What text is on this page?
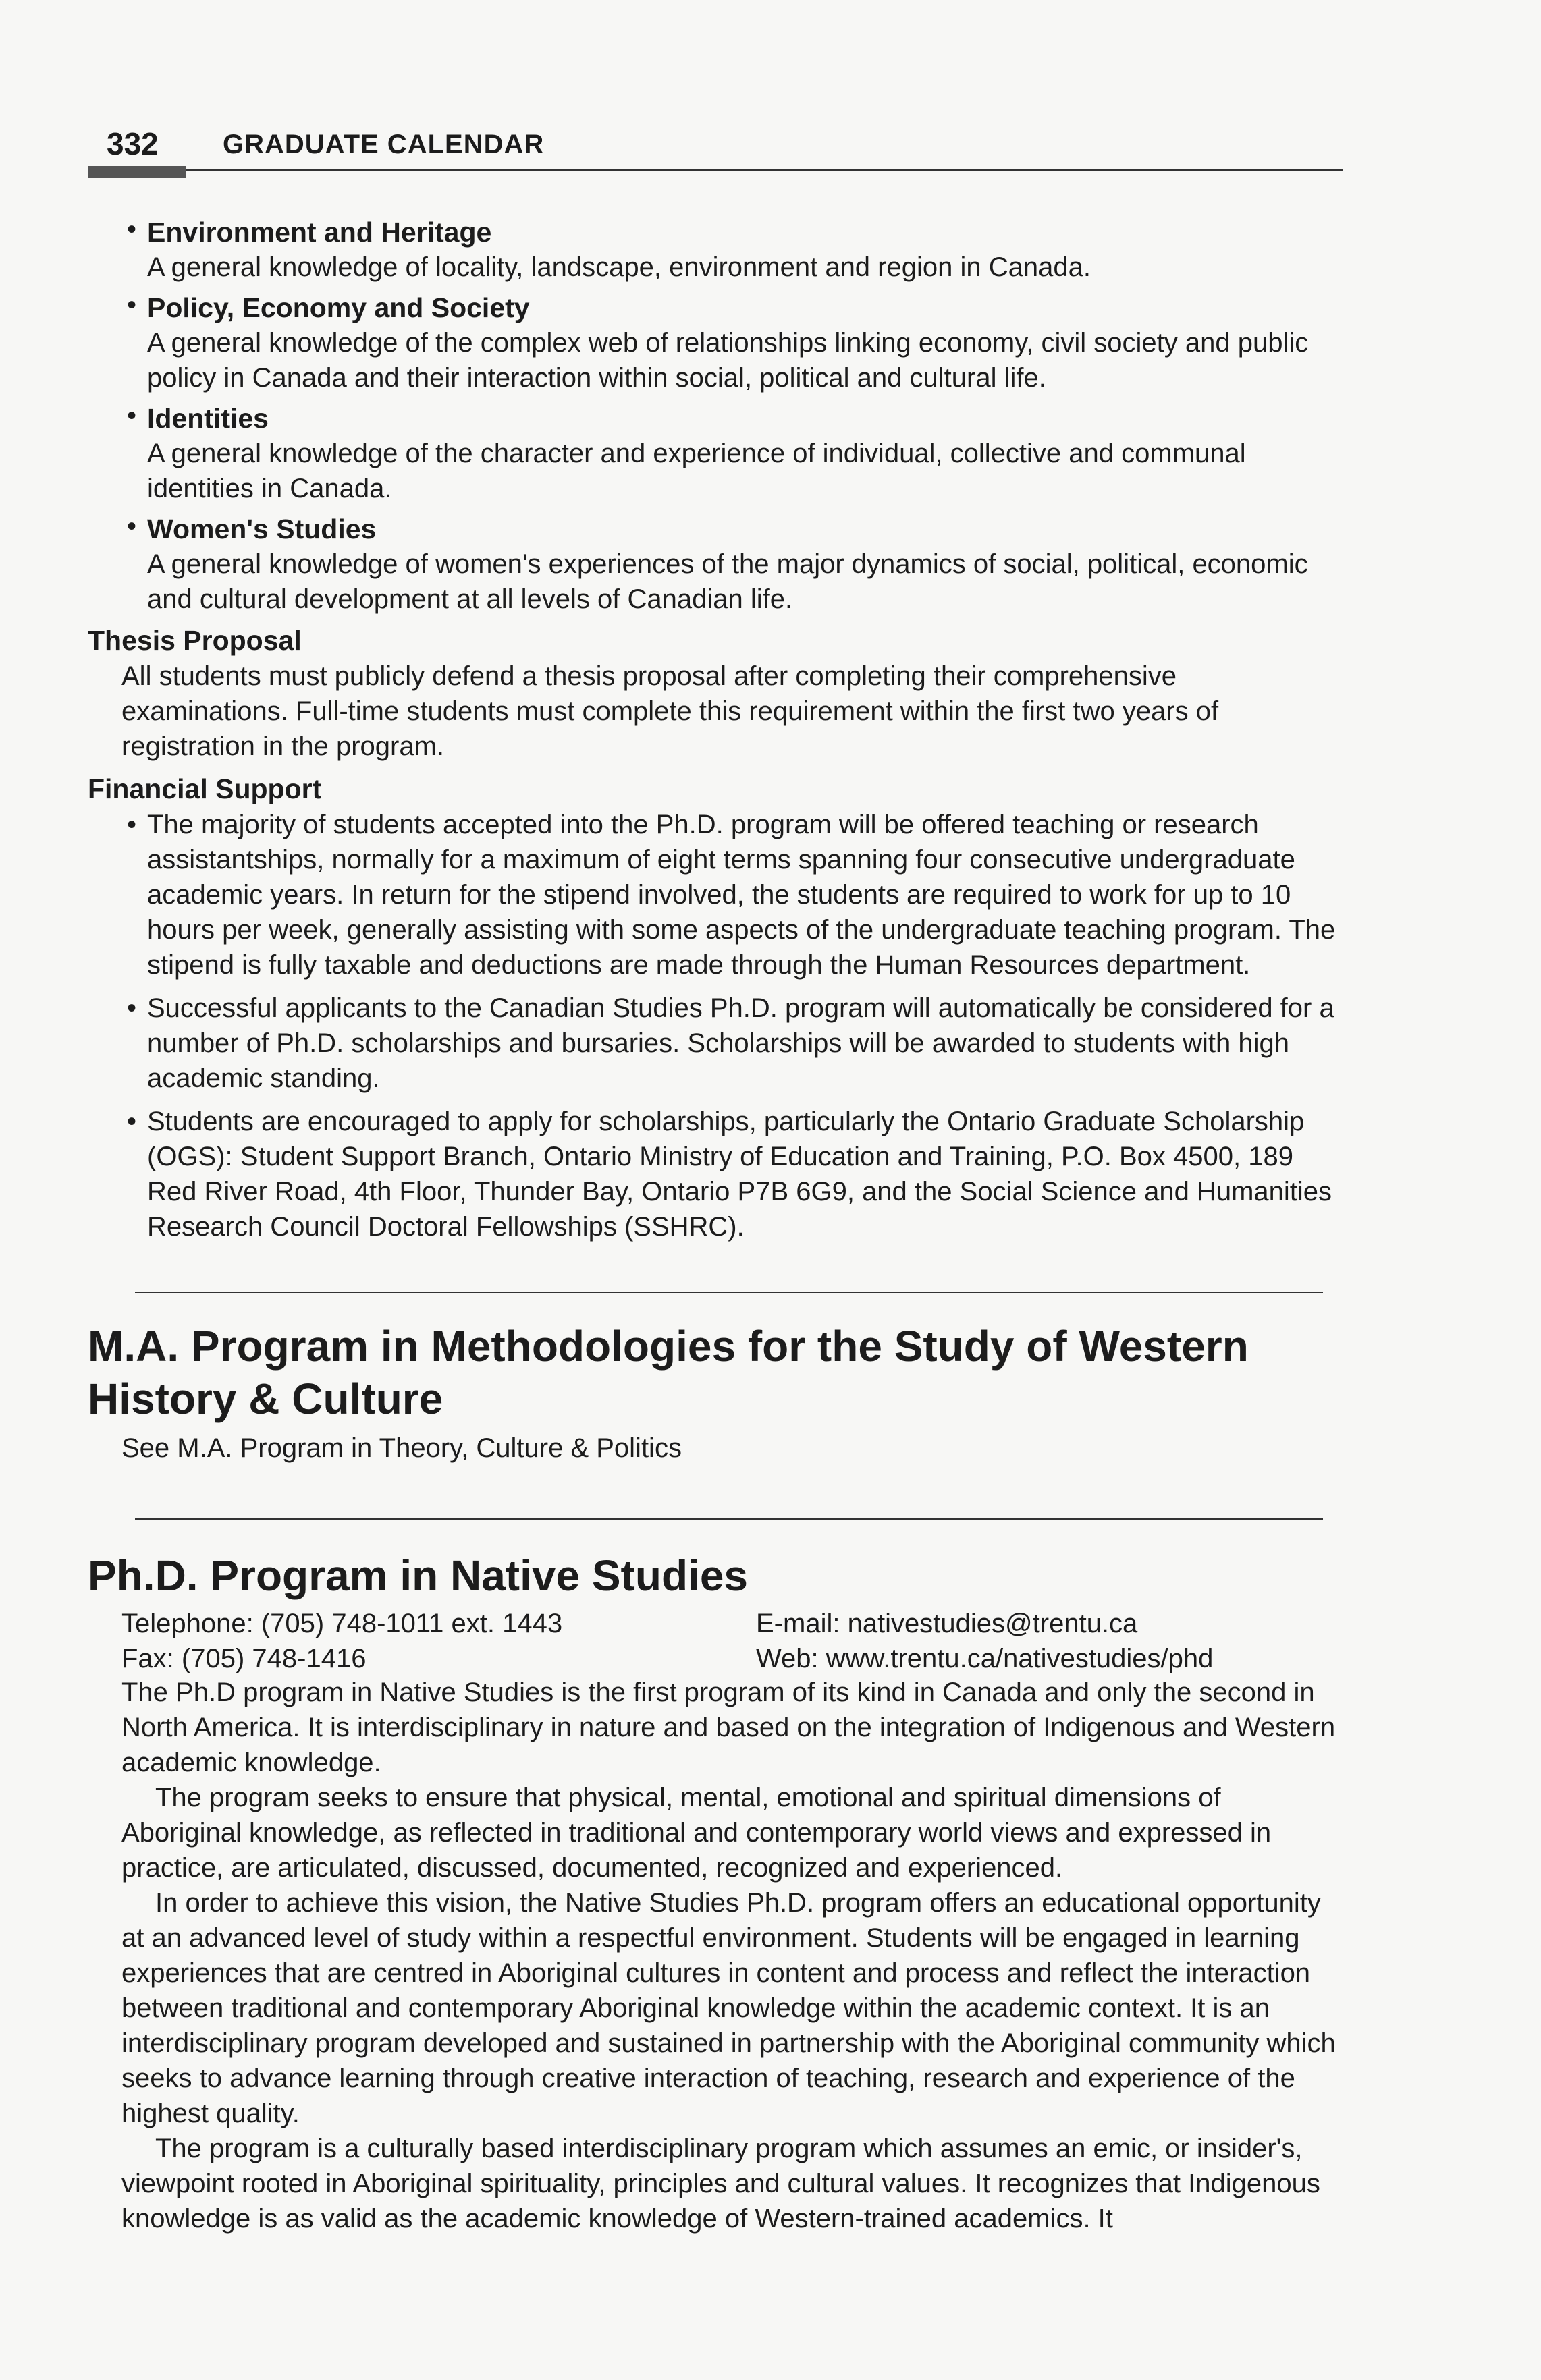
332 GRADUATE CALENDAR
• Environment and Heritage
A general knowledge of locality, landscape, environment and region in Canada.
• Policy, Economy and Society
A general knowledge of the complex web of relationships linking economy, civil society and public policy in Canada and their interaction within social, political and cultural life.
• Identities
A general knowledge of the character and experience of individual, collective and communal identities in Canada.
• Women's Studies
A general knowledge of women's experiences of the major dynamics of social, political, economic and cultural development at all levels of Canadian life.
Thesis Proposal
All students must publicly defend a thesis proposal after completing their comprehensive examinations. Full-time students must complete this requirement within the first two years of registration in the program.
Financial Support
• The majority of students accepted into the Ph.D. program will be offered teaching or research assistantships, normally for a maximum of eight terms spanning four consecutive undergraduate academic years. In return for the stipend involved, the students are required to work for up to 10 hours per week, generally assisting with some aspects of the undergraduate teaching program. The stipend is fully taxable and deductions are made through the Human Resources department.
• Successful applicants to the Canadian Studies Ph.D. program will automatically be considered for a number of Ph.D. scholarships and bursaries. Scholarships will be awarded to students with high academic standing.
• Students are encouraged to apply for scholarships, particularly the Ontario Graduate Scholarship (OGS): Student Support Branch, Ontario Ministry of Education and Training, P.O. Box 4500, 189 Red River Road, 4th Floor, Thunder Bay, Ontario P7B 6G9, and the Social Science and Humanities Research Council Doctoral Fellowships (SSHRC).
M.A. Program in Methodologies for the Study of Western History & Culture
See M.A. Program in Theory, Culture & Politics
Ph.D. Program in Native Studies
Telephone: (705) 748-1011 ext. 1443
Fax: (705) 748-1416
E-mail: nativestudies@trentu.ca
Web: www.trentu.ca/nativestudies/phd

The Ph.D program in Native Studies is the first program of its kind in Canada and only the second in North America. It is interdisciplinary in nature and based on the integration of Indigenous and Western academic knowledge.

The program seeks to ensure that physical, mental, emotional and spiritual dimensions of Aboriginal knowledge, as reflected in traditional and contemporary world views and expressed in practice, are articulated, discussed, documented, recognized and experienced.

In order to achieve this vision, the Native Studies Ph.D. program offers an educational opportunity at an advanced level of study within a respectful environment. Students will be engaged in learning experiences that are centred in Aboriginal cultures in content and process and reflect the interaction between traditional and contemporary Aboriginal knowledge within the academic context. It is an interdisciplinary program developed and sustained in partnership with the Aboriginal community which seeks to advance learning through creative interaction of teaching, research and experience of the highest quality.

The program is a culturally based interdisciplinary program which assumes an emic, or insider's, viewpoint rooted in Aboriginal spirituality, principles and cultural values. It recognizes that Indigenous knowledge is as valid as the academic knowledge of Western-trained academics. It
